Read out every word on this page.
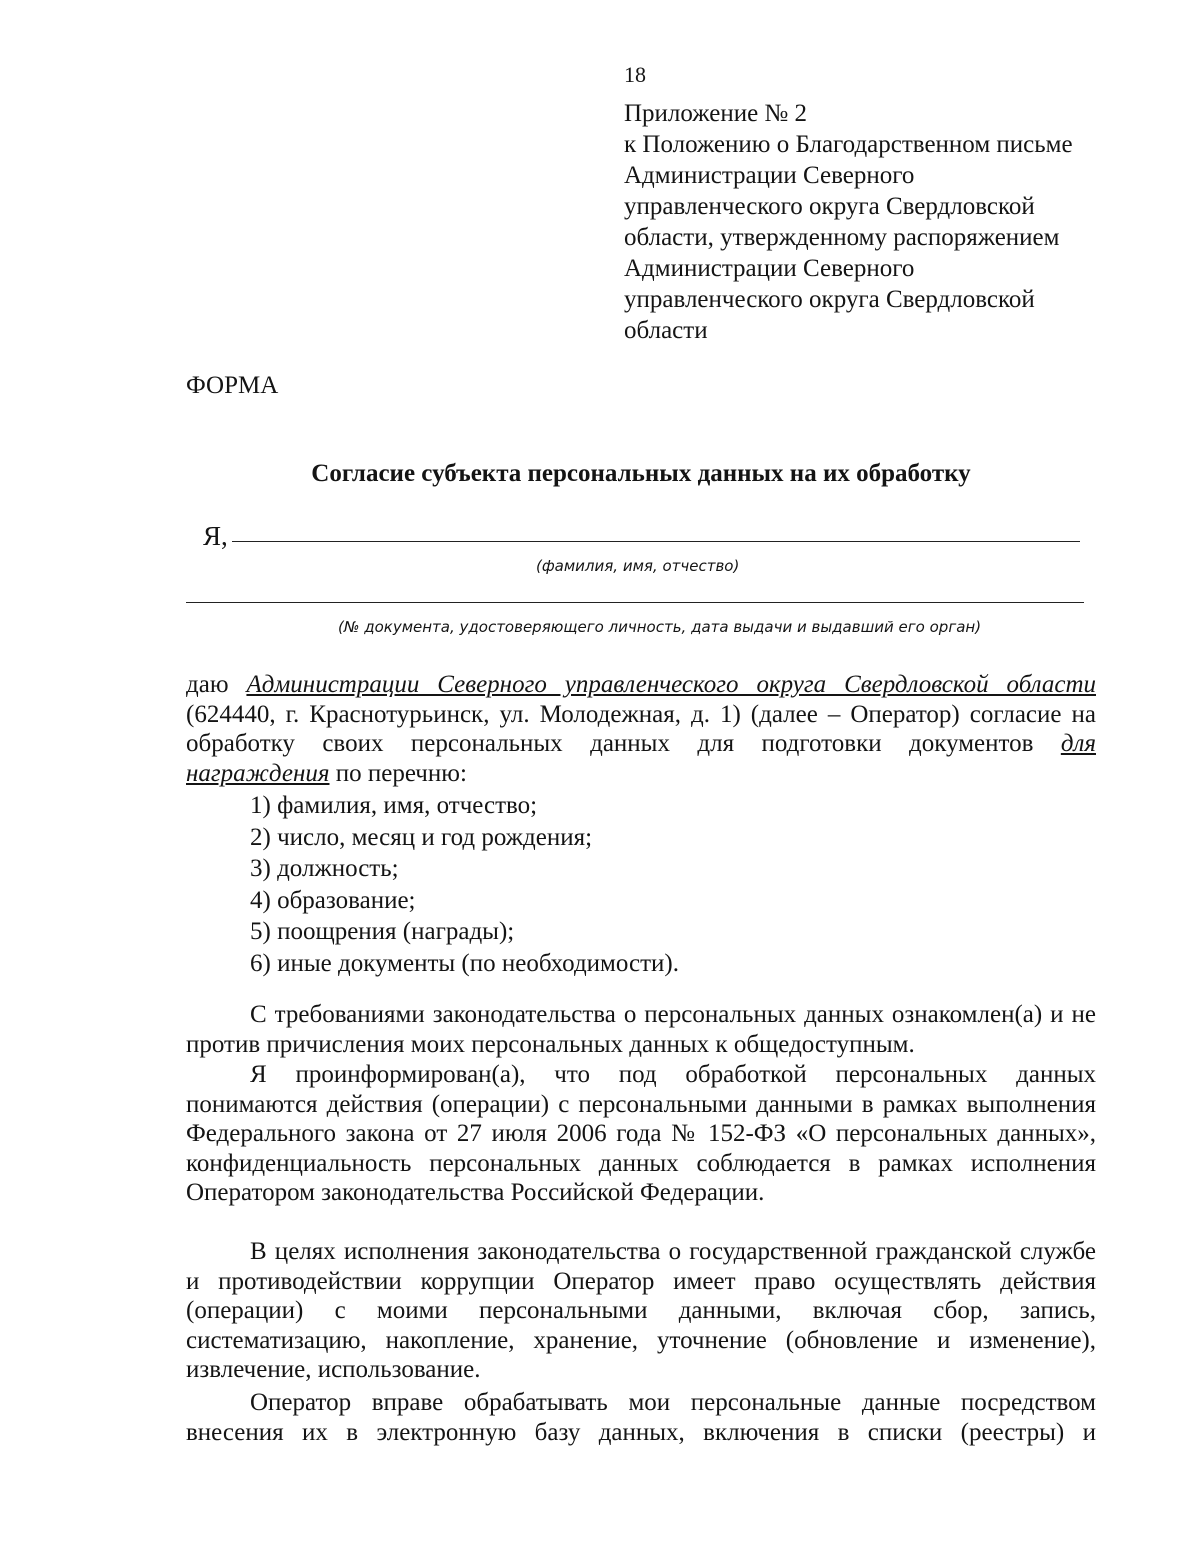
18
Приложение № 2
к Положению о Благодарственном письме
Администрации Северного
управленческого округа Свердловской
области, утвержденному распоряжением
Администрации Северного
управленческого округа Свердловской
области
ФОРМА
Согласие субъекта персональных данных на их обработку
Я,
(фамилия, имя, отчество)
(№ документа, удостоверяющего личность, дата выдачи и выдавший его орган)
даю Администрации Северного управленческого округа Свердловской области (624440, г. Краснотурьинск, ул. Молодежная, д. 1) (далее – Оператор) согласие на обработку своих персональных данных для подготовки документов для награждения по перечню:
1) фамилия, имя, отчество;
2) число, месяц и год рождения;
3) должность;
4) образование;
5) поощрения (награды);
6) иные документы (по необходимости).
С требованиями законодательства о персональных данных ознакомлен(а) и не против причисления моих персональных данных к общедоступным.
Я проинформирован(а), что под обработкой персональных данных понимаются действия (операции) с персональными данными в рамках выполнения Федерального закона от 27 июля 2006 года № 152-ФЗ «О персональных данных», конфиденциальность персональных данных соблюдается в рамках исполнения Оператором законодательства Российской Федерации.
В целях исполнения законодательства о государственной гражданской службе и противодействии коррупции Оператор имеет право осуществлять действия (операции) с моими персональными данными, включая сбор, запись, систематизацию, накопление, хранение, уточнение (обновление и изменение), извлечение, использование.
Оператор вправе обрабатывать мои персональные данные посредством внесения их в электронную базу данных, включения в списки (реестры) и
